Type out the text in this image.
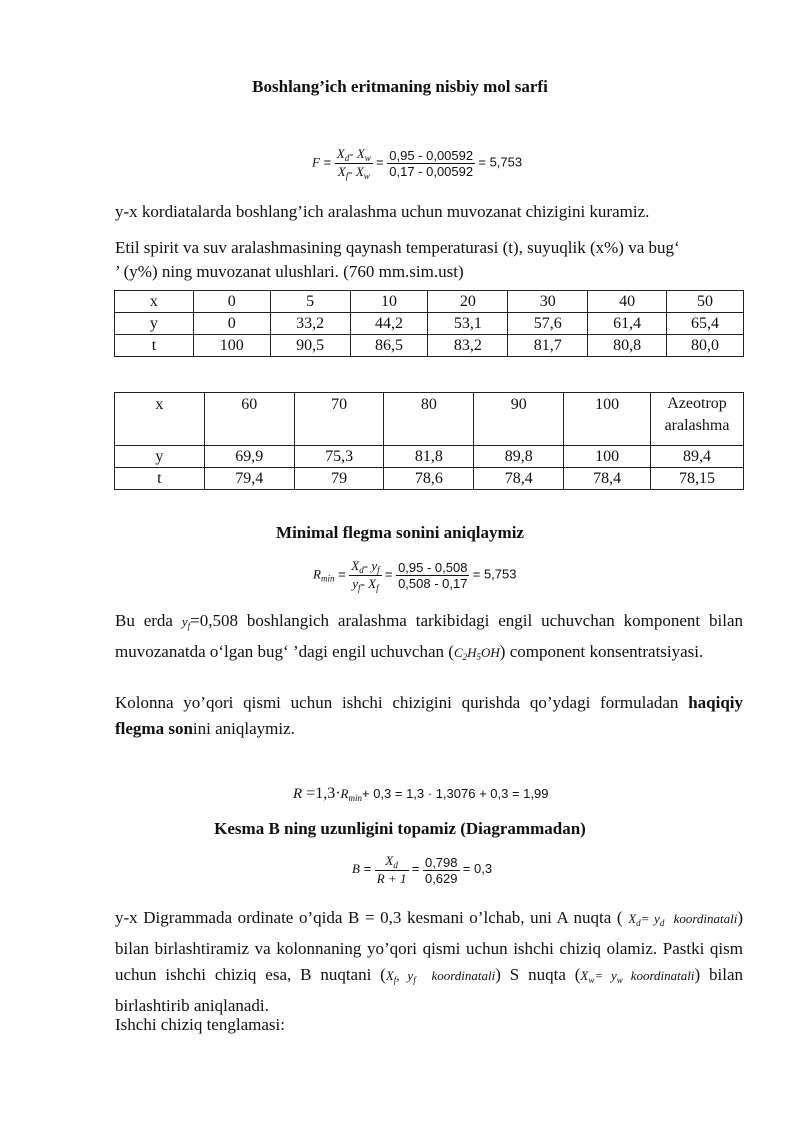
Boshlang’ich eritmaning nisbiy mol sarfi
$F = \frac{X_d- X_w}{X_f- X_w} = \frac{0,95 - 0,00592}{0,17 - 0,00592} = 5,753$
y-x kordiatalarda boshlang’ich aralashma uchun muvozanat chizigini kuramiz.
Etil spirit va suv aralashmasining qaynash temperaturasi (t), suyuqlik (x%) va bug‘
’ (y%) ning muvozanat ulushlari. (760 mm.sim.ust)
x	0	5	10	20	30	40	50
y	0	33,2	44,2	53,1	57,6	61,4	65,4
t	100	90,5	86,5	83,2	81,7	80,8	80,0
x	60	70	80	90	100	Azeotrop
aralashma
y	69,9	75,3	81,8	89,8	100	89,4
t	79,4	79	78,6	78,4	78,4	78,15
Minimal flegma sonini aniqlaymiz
$R_{min} = \frac{X_d- y_f}{y_f- X_f} = \frac{0,95 - 0,508}{0,508 - 0,17} = 5,753$
Bu erda $y_f=0,508$ boshlangich aralashma tarkibidagi engil uchuvchan komponent bilan muvozanatda o‘lgan bug‘ ’dagi engil uchuvchan $(C_2H_5OH)$ component konsentratsiyasi.
Kolonna yo’qori qismi uchun ishchi chizigini qurishda qo’ydagi formuladan haqiqiy flegma sonini aniqlaymiz.
$R =1,3\cdot R_{min}+ 0,3 = 1,3 \cdot 1,3076 + 0,3 = 1,99$
Kesma B ning uzunligini topamiz (Diagrammadan)
$B = \frac{X_d}{R + 1} = \frac{0,798}{0,629} = 0,3$
y-x Digrammada ordinate o’qida B = 0,3 kesmani o’lchab, uni A nuqta ( $X_d= y_d$ koordinatali) bilan birlashtiramiz va kolonnaning yo’qori qismi uchun ishchi chiziq olamiz. Pastki qism uchun ishchi chiziq esa, B nuqtani ($X_f$, $y_f$ koordinatali) S nuqta ($X_w= y_w$ koordinatali) bilan birlashtirib aniqlanadi.
Ishchi chiziq tenglamasi:
